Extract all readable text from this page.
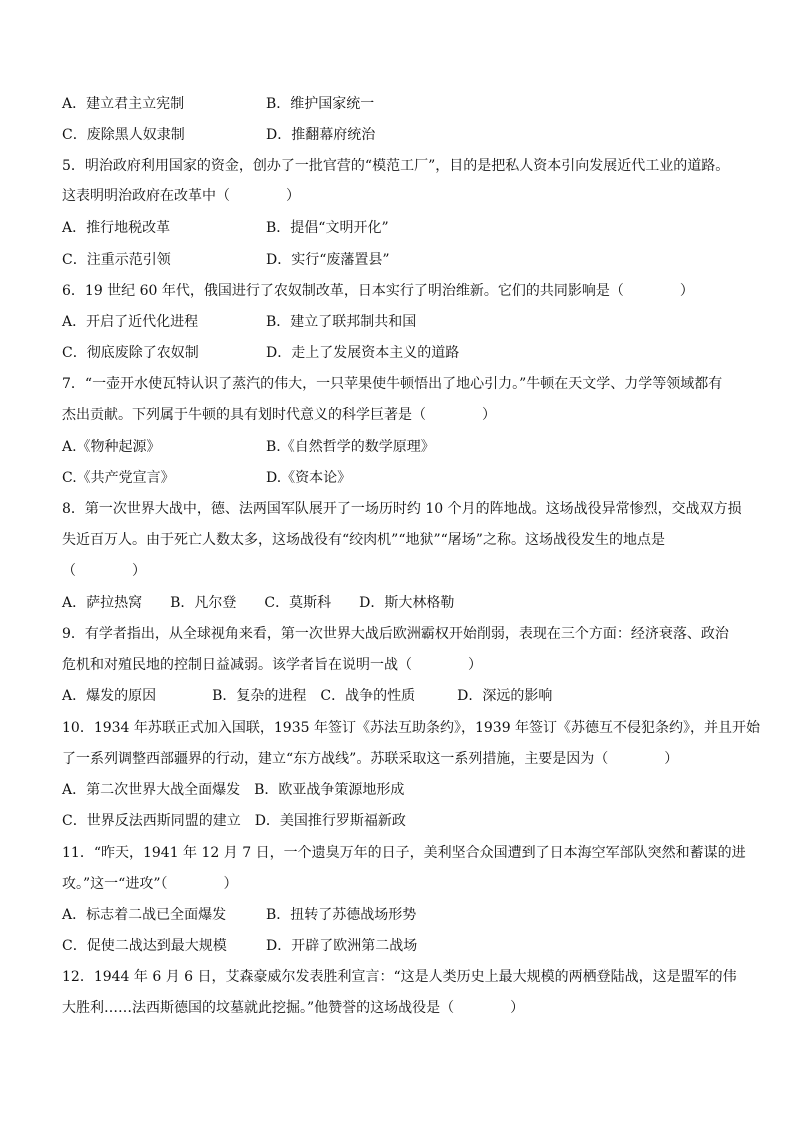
A．建立君主立宪制	B．维护国家统一
C．废除黑人奴隶制	D．推翻幕府统治
5．明治政府利用国家的资金，创办了一批官营的“模范工厂”，目的是把私人资本引向发展近代工业的道路。
这表明明治政府在改革中（　　　　）
A．推行地税改革	B．提倡“文明开化”
C．注重示范引领	D．实行“废藩置县”
6．19 世纪 60 年代，俄国进行了农奴制改革，日本实行了明治维新。它们的共同影响是（　　　　）
A．开启了近代化进程	B．建立了联邦制共和国
C．彻底废除了农奴制	D．走上了发展资本主义的道路
7．“一壶开水使瓦特认识了蒸汽的伟大，一只苹果使牛顿悟出了地心引力。”牛顿在天文学、力学等领域都有
杰出贡献。下列属于牛顿的具有划时代意义的科学巨著是（　　　　）
A.《物种起源》	B.《自然哲学的数学原理》
C.《共产党宣言》	D.《资本论》
8．第一次世界大战中，德、法两国军队展开了一场历时约 10 个月的阵地战。这场战役异常惨烈，交战双方损
失近百万人。由于死亡人数太多，这场战役有“绞肉机”“地狱”“屠场”之称。这场战役发生的地点是
（　　　　）
A．萨拉热窝　　B．凡尔登　　C．莫斯科　　D．斯大林格勒
9．有学者指出，从全球视角来看，第一次世界大战后欧洲霸权开始削弱，表现在三个方面：经济衰落、政治
危机和对殖民地的控制日益减弱。该学者旨在说明一战（　　　　）
A．爆发的原因　　　　B．复杂的进程　C．战争的性质　　　D．深远的影响
10．1934 年苏联正式加入国联，1935 年签订《苏法互助条约》，1939 年签订《苏德互不侵犯条约》，并且开始
了一系列调整西部疆界的行动，建立“东方战线”。苏联采取这一系列措施，主要是因为（　　　　）
A．第二次世界大战全面爆发　B．欧亚战争策源地形成
C．世界反法西斯同盟的建立　D．美国推行罗斯福新政
11．“昨天，1941 年 12 月 7 日，一个遗臭万年的日子，美利坚合众国遭到了日本海空军部队突然和蓄谋的进
攻。”这一“进攻”（　　　　）
A．标志着二战已全面爆发	B．扭转了苏德战场形势
C．促使二战达到最大规模	D．开辟了欧洲第二战场
12．1944 年 6 月 6 日，艾森豪威尔发表胜利宣言：“这是人类历史上最大规模的两栖登陆战，这是盟军的伟
大胜利……法西斯德国的坟墓就此挖掘。”他赞誉的这场战役是（　　　　）
